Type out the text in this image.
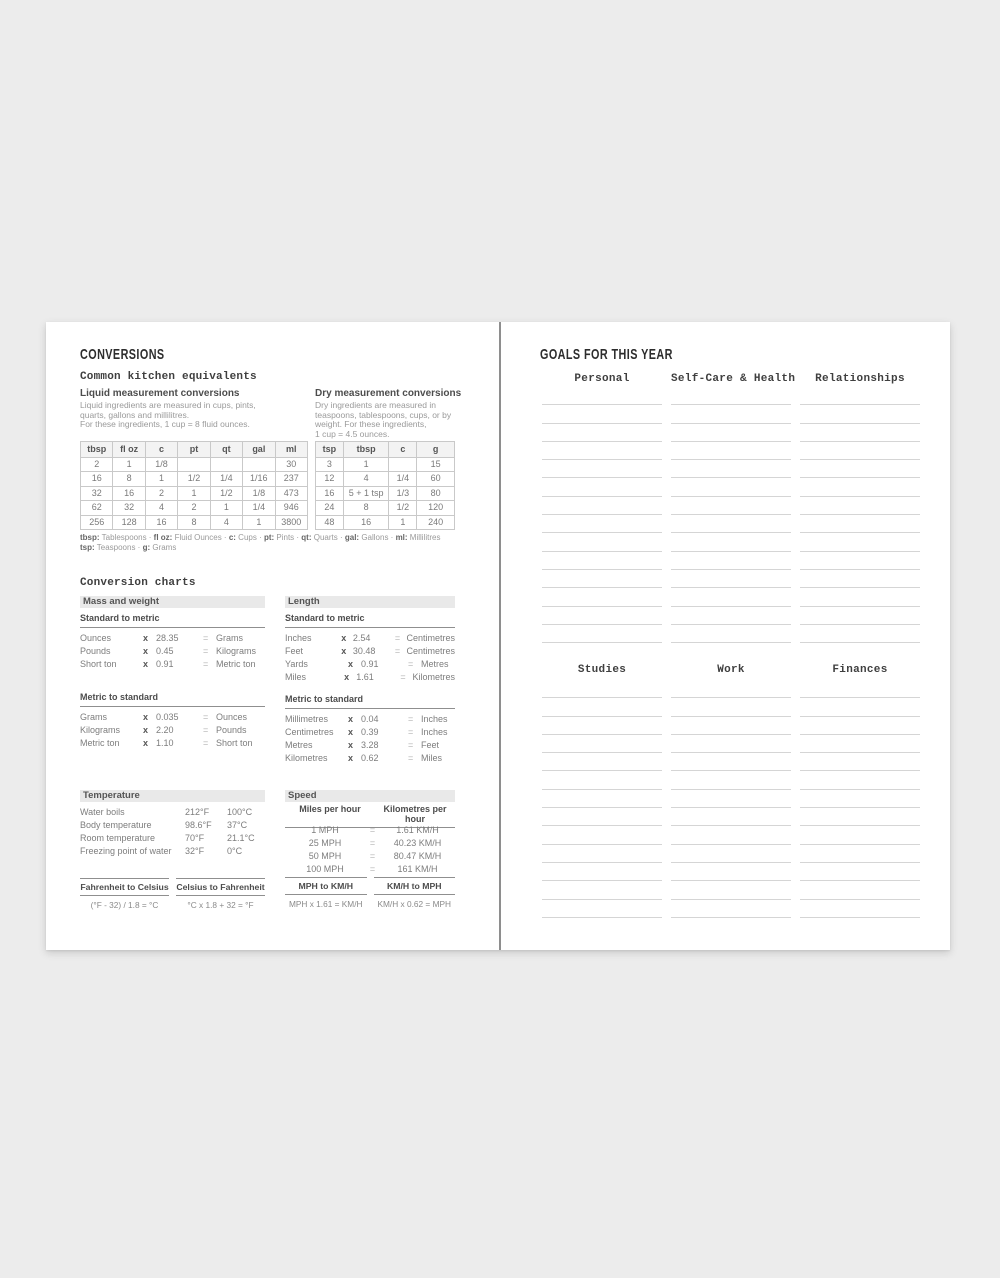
CONVERSIONS
Common kitchen equivalents
Liquid measurement conversions
Liquid ingredients are measured in cups, pints,
quarts, gallons and millilitres.
For these ingredients, 1 cup = 8 fluid ounces.
tbsp	fl oz	c	pt	qt	gal	ml
2	1	1/8				30
16	8	1	1/2	1/4	1/16	237
32	16	2	1	1/2	1/8	473
62	32	4	2	1	1/4	946
256	128	16	8	4	1	3800
Dry measurement conversions
Dry ingredients are measured in
teaspoons, tablespoons, cups, or by
weight. For these ingredients,
1 cup = 4.5 ounces.
tsp	tbsp	c	g
3	1		15
12	4	1/4	60
16	5 + 1 tsp	1/3	80
24	8	1/2	120
48	16	1	240
tbsp: Tablespoons · fl oz: Fluid Ounces · c: Cups · pt: Pints · qt: Quarts · gal: Gallons · ml: Millilitres
tsp: Teaspoons · g: Grams
Conversion charts
Mass and weight
Standard to metric
Ounces	x 28.35	= Grams
Pounds	x 0.45	= Kilograms
Short ton	x 0.91	= Metric ton
Metric to standard
Grams	x 0.035	= Ounces
Kilograms	x 2.20	= Pounds
Metric ton	x 1.10	= Short ton
Length
Standard to metric
Inches	x 2.54	= Centimetres
Feet	x 30.48	= Centimetres
Yards	x 0.91	= Metres
Miles	x 1.61	= Kilometres
Metric to standard
Millimetres	x 0.04	= Inches
Centimetres	x 0.39	= Inches
Metres	x 3.28	= Feet
Kilometres	x 0.62	= Miles
Temperature
Water boils	212°F	100°C
Body temperature	98.6°F	37°C
Room temperature	70°F	21.1°C
Freezing point of water	32°F	0°C
Fahrenheit to Celsius
(°F - 32) / 1.8 = °C
Celsius to Fahrenheit
°C x 1.8 + 32 = °F
Speed
Miles per hour	Kilometres per hour
1 MPH	=	1.61 KM/H
25 MPH	=	40.23 KM/H
50 MPH	=	80.47 KM/H
100 MPH	=	161 KM/H
MPH to KM/H
MPH x 1.61 = KM/H
KM/H to MPH
KM/H x 0.62 = MPH
GOALS FOR THIS YEAR
Personal	Self-Care & Health	Relationships
Studies	Work	Finances
